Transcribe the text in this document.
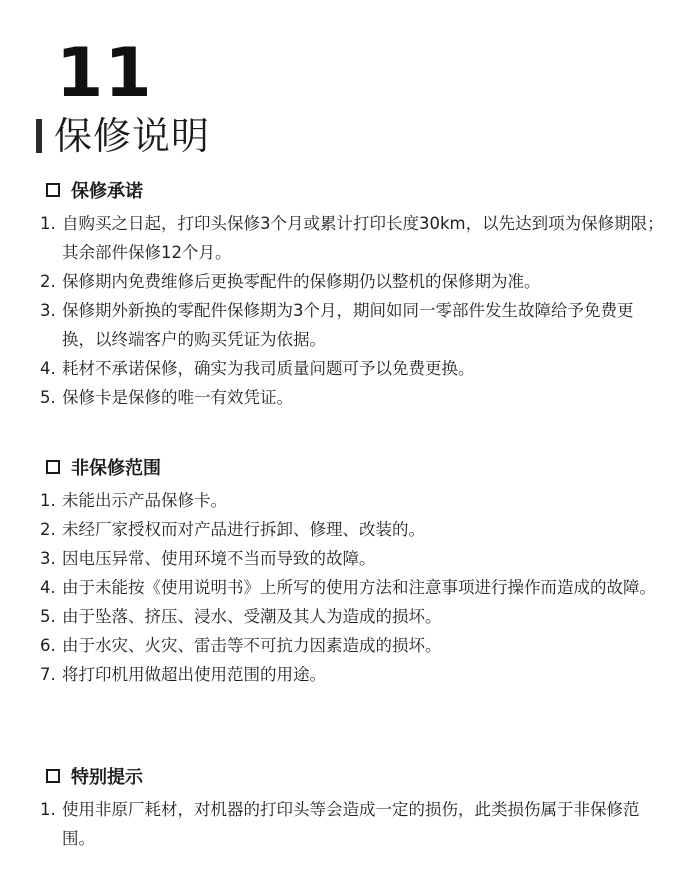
11
保修说明
保修承诺
1. 自购买之日起，打印头保修3个月或累计打印长度30km，以先达到项为保修期限；其余部件保修12个月。
2. 保修期内免费维修后更换零配件的保修期仍以整机的保修期为准。
3. 保修期外新换的零配件保修期为3个月，期间如同一零部件发生故障给予免费更换，以终端客户的购买凭证为依据。
4. 耗材不承诺保修，确实为我司质量问题可予以免费更换。
5. 保修卡是保修的唯一有效凭证。
非保修范围
1. 未能出示产品保修卡。
2. 未经厂家授权而对产品进行拆卸、修理、改装的。
3. 因电压异常、使用环境不当而导致的故障。
4. 由于未能按《使用说明书》上所写的使用方法和注意事项进行操作而造成的故障。
5. 由于坠落、挤压、浸水、受潮及其人为造成的损坏。
6. 由于水灾、火灾、雷击等不可抗力因素造成的损坏。
7. 将打印机用做超出使用范围的用途。
特别提示
1. 使用非原厂耗材，对机器的打印头等会造成一定的损伤，此类损伤属于非保修范围。
